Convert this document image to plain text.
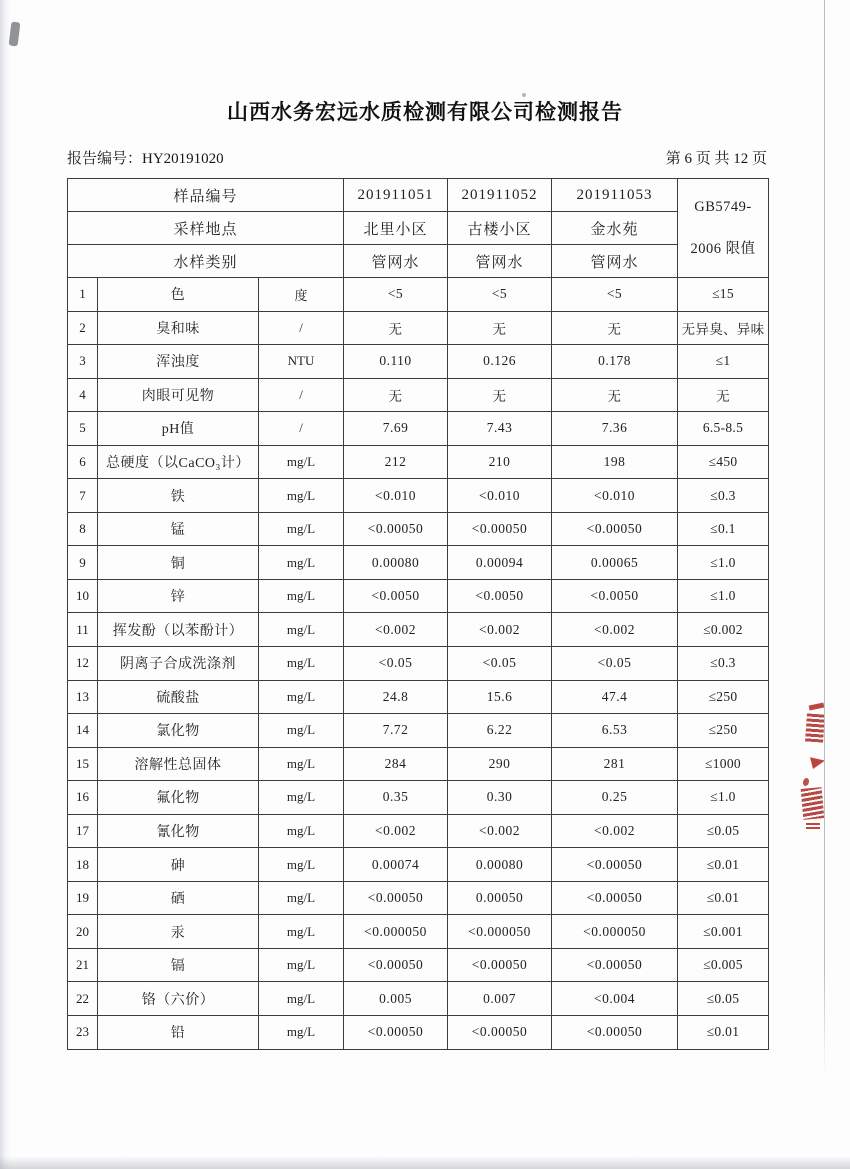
山西水务宏远水质检测有限公司检测报告
报告编号：HY20191020	第 6 页 共 12 页
样品编号			201911051	201911052	201911053	GB5749-
2006 限值
采样地点			北里小区	古楼小区	金水苑	
水样类别			管网水	管网水	管网水	
1	色	度	<5	<5	<5	≤15
2	臭和味	/	无	无	无	无异臭、异味
3	浑浊度	NTU	0.110	0.126	0.178	≤1
4	肉眼可见物	/	无	无	无	无
5	pH值	/	7.69	7.43	7.36	6.5-8.5
6	总硬度（以CaCO₃计）	mg/L	212	210	198	≤450
7	铁	mg/L	<0.010	<0.010	<0.010	≤0.3
8	锰	mg/L	<0.00050	<0.00050	<0.00050	≤0.1
9	铜	mg/L	0.00080	0.00094	0.00065	≤1.0
10	锌	mg/L	<0.0050	<0.0050	<0.0050	≤1.0
11	挥发酚（以苯酚计）	mg/L	<0.002	<0.002	<0.002	≤0.002
12	阴离子合成洗涤剂	mg/L	<0.05	<0.05	<0.05	≤0.3
13	硫酸盐	mg/L	24.8	15.6	47.4	≤250
14	氯化物	mg/L	7.72	6.22	6.53	≤250
15	溶解性总固体	mg/L	284	290	281	≤1000
16	氟化物	mg/L	0.35	0.30	0.25	≤1.0
17	氰化物	mg/L	<0.002	<0.002	<0.002	≤0.05
18	砷	mg/L	0.00074	0.00080	<0.00050	≤0.01
19	硒	mg/L	<0.00050	0.00050	<0.00050	≤0.01
20	汞	mg/L	<0.000050	<0.000050	<0.000050	≤0.001
21	镉	mg/L	<0.00050	<0.00050	<0.00050	≤0.005
22	铬（六价）	mg/L	0.005	0.007	<0.004	≤0.05
23	铅	mg/L	<0.00050	<0.00050	<0.00050	≤0.01
